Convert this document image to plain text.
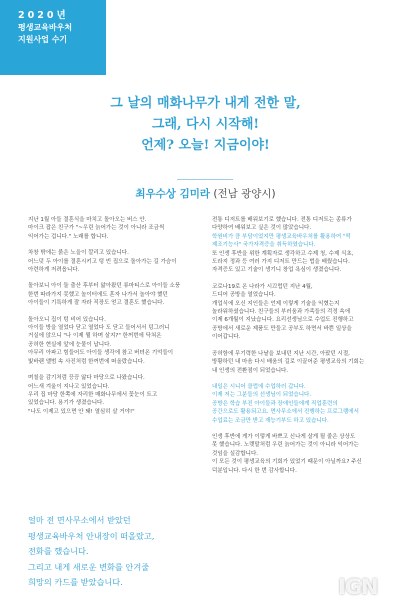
2020년
평생교육바우처
지원사업 수기
그 날의 매화나무가 내게 전한 말,
그래, 다시 시작해!
언제? 오늘! 지금이야!
최우수상 김미라 (전남 광양시)
지난 1월 아들 결혼식을 마치고 돌아오는 버스 안.
마이크 잡은 친구가 "~우린 늙어가는 것이 아니라 조금씩
익어가는 겁니다." 노래를 합니다.
차창 밖에는 붉은 노을이 깔리고 있습니다.
어느덧 두 아이를 결혼시키고 텅 빈 집으로 돌아가는 길 가슴이
아련하게 저려옵니다.
돌아보니 아이 둘 출산 후부터 앓아왔던 류마티스로 아이들 소풍
한번 따라가지 못했고 놀이터에도 혼자 나가서 놀아야 했던
아이들이 기특하게 잘 자라 직장도 얻고 결혼도 했습니다.
돌아오니 집이 텅 비어 있습니다.
아이들 방을 열었다 닫고 열었다 도 닫고 들어서서 덩그러니
거실에 앉으니 "나 이제 뭘 하며 살지?" 한꺼번에 닥쳐온
공허한 현실에 앞에 눈물이 납니다.
아무리 아파고 힘들어도 아이들 생각에 참고 버텨온 기억들이
빛바랜 앨범 속 사진처럼 한꺼번에 떠올랐습니다.
며칠을 감기처럼 끙끙 앓다 마당으로 나왔습니다.
어느새 겨울이 지나고 있었습니다.
우리 집 마당 한쪽에 자리한 매화나무에서 꽃눈이 트고
있었습니다. 용기가 생겼습니다.
"나도 이제고 있으면 안 돼! 열심히 살 거야!"
얼마 전 면사무소에서 받았던
평생교육바우처 안내장이 떠올랐고,
전화를 했습니다.
그리고 내게 새로운 변화를 안겨줄
희망의 카드를 받았습니다.
전통 디저트를 배워보기로 했습니다. 전통 디저트는 종류가
다양하여 배워보고 싶은 것이 많았습니다.
학원비가 큼 부담이었지만 평생교육바우처를 활용하여 "떡
제조기능사" 국가자격증을 취득하였습니다.
또 인생 후반을 위한 계획자로 생각하고 수제 청, 수제 식초,
도라지 정과 등 여러 가지 디저트 만드는 법을 배웠습니다.
자격증도 있고 기술이 생기니 창업 욕심이 생겼습니다.
코로나19로 온 나라가 시끄럽던 지난 4월,
드디어 공방을 열었습니다.
개업식에 오신 지인들은 언제 이렇게 기술을 익혔는지
놀라워하셨습니다. 친구들의 부러움과 가족들의 걱정 속에
이제 6개월이 지났습니다. 요리선생님으로 수업도 진행하고
공방에서 새로운 제품도 만들고 공부도 하면서 바쁜 일상을
이어갑니다.
공허함에 무기력한 나날을 보내던 지난 시간, 아팠던 시절,
방황하던 내 마음 다시 배움의 길로 이끌어준 평생교육의 기회는
내 인생의 전환점이 되었습니다.
내일은 시니어 클럽에 수업하러 갑니다.
이제 저는 그분들의 선생님이 되었습니다.
공방은 학습 부진 아이들과 장애인들에게 직업훈련의
공간으로도 활용되고요. 면사무소에서 진행하는 프로그램에서
수업료는 조금만 받고 재능기부도 하고 있습니다.
인생 후반에 게가 이렇게 바쁘고 신나게 살게 될 줄은 상상도
못 했습니다. 노랫말처럼 우린 늙어가는 것이 아니라 익어가는
것임을 실감합니다.
이 모든 것이 평생교육의 기회가 있었기 때문이 아닐까요? 주신
덕분입니다. 다시 한 번 감사합니다.
IGN
